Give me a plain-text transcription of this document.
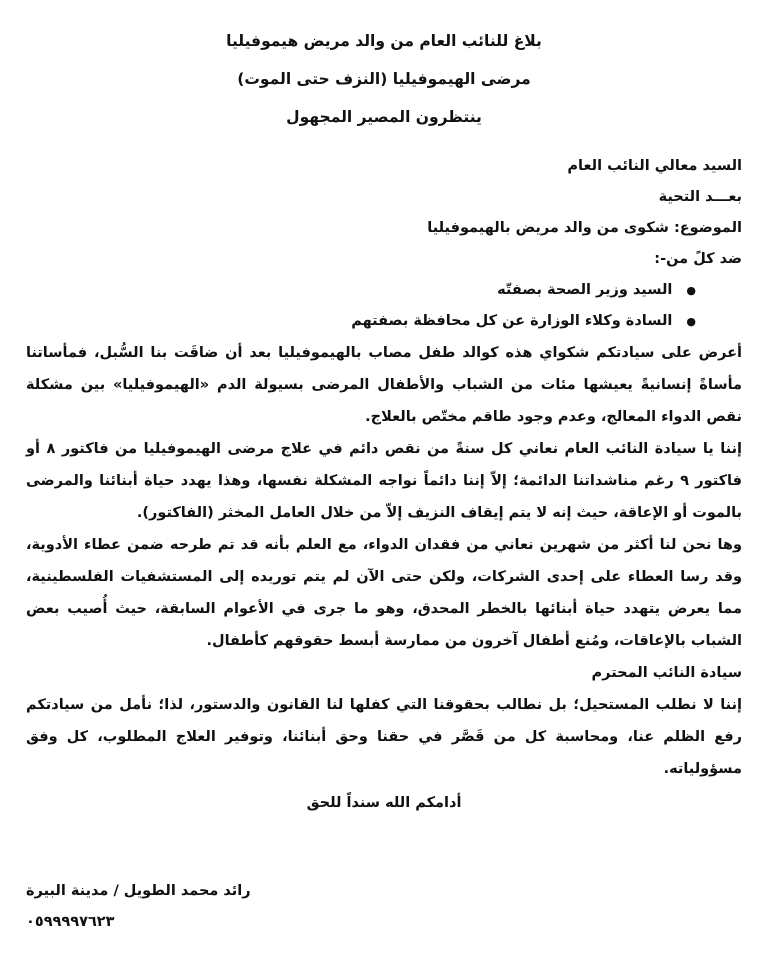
بلاغ للنائب العام من والد مريض هيموفيليا
مرضى الهيموفيليا (النزف حتى الموت)
ينتظرون المصير المجهول
السيد معالي النائب العام
بعـــد التحية
الموضوع: شكوى من والد مريض بالهيموفيليا
ضد كلً من-:
●
السيد وزير الصحة بصفتّه
●
السادة وكلاء الوزارة عن كل محافظة بصفتهم

أعرض على سيادتكم شكواي هذه كوالد طفل مصاب بالهيموفيليا بعد أن ضاقَت بنا السُّبل، فمأساتنا مأساةً إنسانيةً يعيشها مئات من الشباب والأطفال المرضى بسيولة الدم «الهيموفيليا» بين مشكلة نقص الدواء المعالج، وعدم وجود طاقم مختّص بالعلاج.

إننا يا سيادة النائب العام نعاني كل سنةً من نقص دائم في علاج مرضى الهيموفيليا من فاكتور ٨ أو فاكتور ٩ رغم مناشداتنا الدائمة؛ إلاّ إننا دائماً نواجه المشكلة نفسها، وهذا يهدد حياة أبنائنا والمرضى بالموت أو الإعاقة، حيث إنه لا يتم إيقاف النزيف إلاّ من خلال العامل المخثر (الفاكتور).

وها نحن لنا أكثر من شهرين نعاني من فقدان الدواء، مع العلم بأنه قد تم طرحه ضمن عطاء الأدوية، وقد رسا العطاء على إحدى الشركات، ولكن حتى الآن لم يتم توريده إلى المستشفيات الفلسطينية، مما يعرض يتهدد حياة أبنائها بالخطر المحدق، وهو ما جرى في الأعوام السابقة، حيث أُصيب بعض الشباب بالإعاقات، ومُنع أطفال آخرون من ممارسة أبسط حقوقهم كأطفال.

سيادة النائب المحترم

إننا لا نطلب المستحيل؛ بل نطالب بحقوقنا التي كفلها لنا القانون والدستور، لذا؛ نأمل من سيادتكم رفع الظلم عنا، ومحاسبة كل من قَصَّر في حقنا وحق أبنائنا، وتوفير العلاج المطلوب، كل وفق مسؤولياته.

أدامكم الله سنداً للحق
رائد محمد الطويل / مدينة البيرة
٠٥٩٩٩٩٧٦٢٣
